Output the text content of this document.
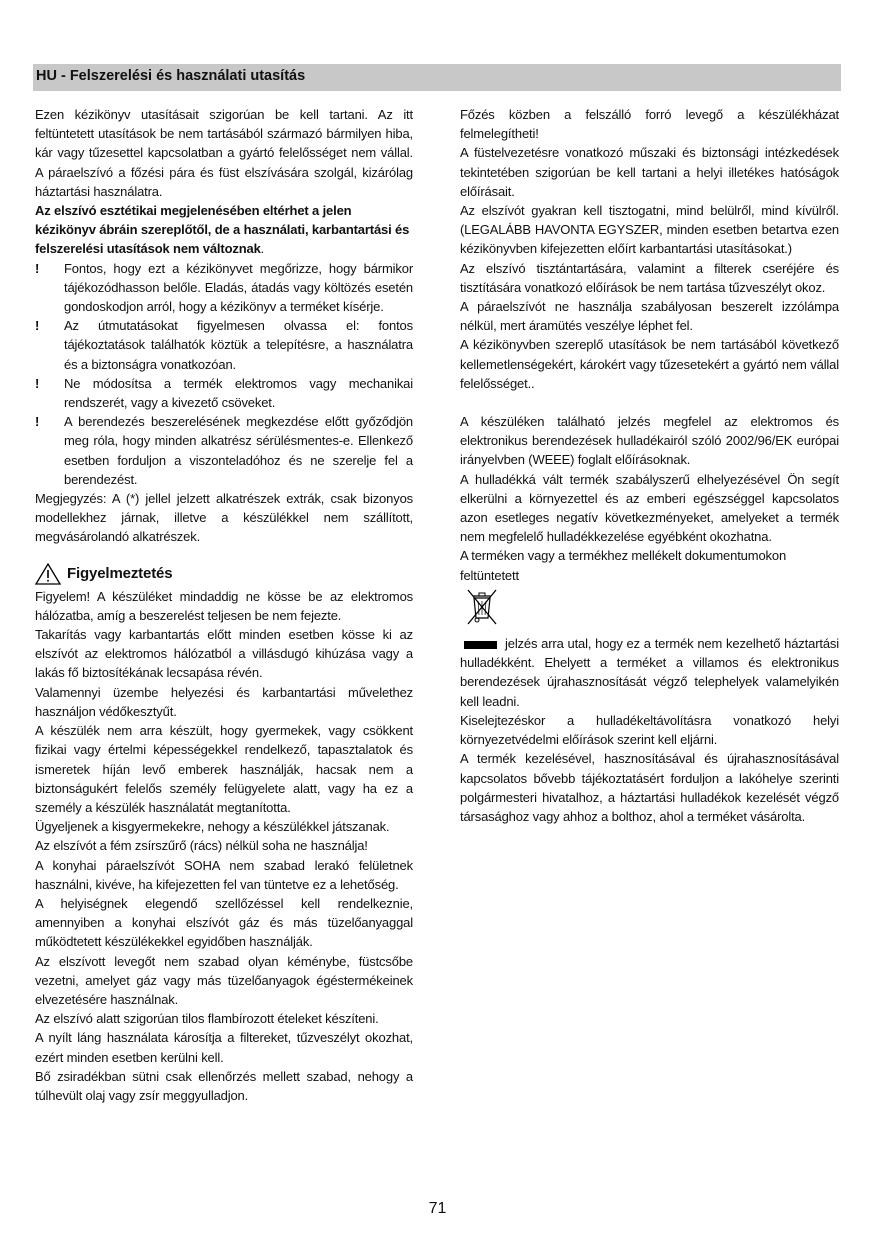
HU - Felszerelési és használati utasítás

Ezen kézikönyv utasításait szigorúan be kell tartani. Az itt feltüntetett utasítások be nem tartásából származó bármilyen hiba, kár vagy tűzesettel kapcsolatban a gyártó felelősséget nem vállal. A páraelszívó a főzési pára és füst elszívására szolgál, kizárólag háztartási használatra.

Az elszívó esztétikai megjelenésében eltérhet a jelen kézikönyv ábráin szereplőtől, de a használati, karbantartási és felszerelési utasítások nem változnak.

!	Fontos, hogy ezt a kézikönyvet megőrizze, hogy bármikor tájékozódhasson belőle. Eladás, átadás vagy költözés esetén gondoskodjon arról, hogy a kézikönyv a terméket kísérje.
!	Az útmutatásokat figyelmesen olvassa el: fontos tájékoztatások találhatók köztük a telepítésre, a használatra és a biztonságra vonatkozóan.
!	Ne módosítsa a termék elektromos vagy mechanikai rendszerét, vagy a kivezető csöveket.
!	A berendezés beszerelésének megkezdése előtt győződjön meg róla, hogy minden alkatrész sérülésmentes-e. Ellenkező esetben forduljon a viszonteladóhoz és ne szerelje fel a berendezést.

Megjegyzés: A (*) jellel jelzett alkatrészek extrák, csak bizonyos modellekhez járnak, illetve a készülékkel nem szállított, megvásárolandó alkatrészek.

Figyelmeztetés

Figyelem! A készüléket mindaddig ne kösse be az elektromos hálózatba, amíg a beszerelést teljesen be nem fejezte.

Takarítás vagy karbantartás előtt minden esetben kösse ki az elszívót az elektromos hálózatból a villásdugó kihúzása vagy a lakás fő biztosítékának lecsapása révén.

Valamennyi üzembe helyezési és karbantartási művelethez használjon védőkesztyűt.

A készülék nem arra készült, hogy gyermekek, vagy csökkent fizikai vagy értelmi képességekkel rendelkező, tapasztalatok és ismeretek híján levő emberek használják, hacsak nem a biztonságukért felelős személy felügyelete alatt, vagy ha ez a személy a készülék használatát megtanította.

Ügyeljenek a kisgyermekekre, nehogy a készülékkel játszanak.

Az elszívót a fém zsírszűrő (rács) nélkül soha ne használja!

A konyhai páraelszívót SOHA nem szabad lerakó felületnek használni, kivéve, ha kifejezetten fel van tüntetve ez a lehetőség.

A helyiségnek elegendő szellőzéssel kell rendelkeznie, amennyiben a konyhai elszívót gáz és más tüzelőanyaggal működtetett készülékekkel egyidőben használják.

Az elszívott levegőt nem szabad olyan kéménybe, füstcsőbe vezetni, amelyet gáz vagy más tüzelőanyagok égéstermékeinek elvezetésére használnak.

Az elszívó alatt szigorúan tilos flambírozott ételeket készíteni.

A nyílt láng használata károsítja a filtereket, tűzveszélyt okozhat, ezért minden esetben kerülni kell.

Bő zsiradékban sütni csak ellenőrzés mellett szabad, nehogy a túlhevült olaj vagy zsír meggyulladjon.

Főzés közben a felszálló forró levegő a készülékházat felmelegítheti!

A füstelvezetésre vonatkozó műszaki és biztonsági intézkedések tekintetében szigorúan be kell tartani a helyi illetékes hatóságok előírásait.

Az elszívót gyakran kell tisztogatni, mind belülről, mind kívülről. (LEGALÁBB HAVONTA EGYSZER, minden esetben betartva ezen kézikönyvben kifejezetten előírt karbantartási utasításokat.)

Az elszívó tisztántartására, valamint a filterek cseréjére és tisztítására vonatkozó előírások be nem tartása tűzveszélyt okoz.

A páraelszívót ne használja szabályosan beszerelt izzólámpa nélkül, mert áramütés veszélye léphet fel.

A kézikönyvben szereplő utasítások be nem tartásából következő kellemetlenségekért, károkért vagy tűzesetekért a gyártó nem vállal felelősséget..

A készüléken található jelzés megfelel az elektromos és elektronikus berendezések hulladékairól szóló 2002/96/EK európai irányelvben (WEEE) foglalt előírásoknak.

A hulladékká vált termék szabályszerű elhelyezésével Ön segít elkerülni a környezettel és az emberi egészséggel kapcsolatos azon esetleges negatív következményeket, amelyeket a termék nem megfelelő hulladékkezelése egyébként okozhatna.

A terméken vagy a termékhez mellékelt dokumentumokon feltüntetett

jelzés arra utal, hogy ez a termék nem kezelhető háztartási hulladékként. Ehelyett a terméket a villamos és elektronikus berendezések újrahasznosítását végző telephelyek valamelyikén kell leadni.

Kiselejtezéskor a hulladékeltávolításra vonatkozó helyi környezetvédelmi előírások szerint kell eljárni.

A termék kezelésével, hasznosításával és újrahasznosításával kapcsolatos bővebb tájékoztatásért forduljon a lakóhelye szerinti polgármesteri hivatalhoz, a háztartási hulladékok kezelését végző társasághoz vagy ahhoz a bolthoz, ahol a terméket vásárolta.

71
